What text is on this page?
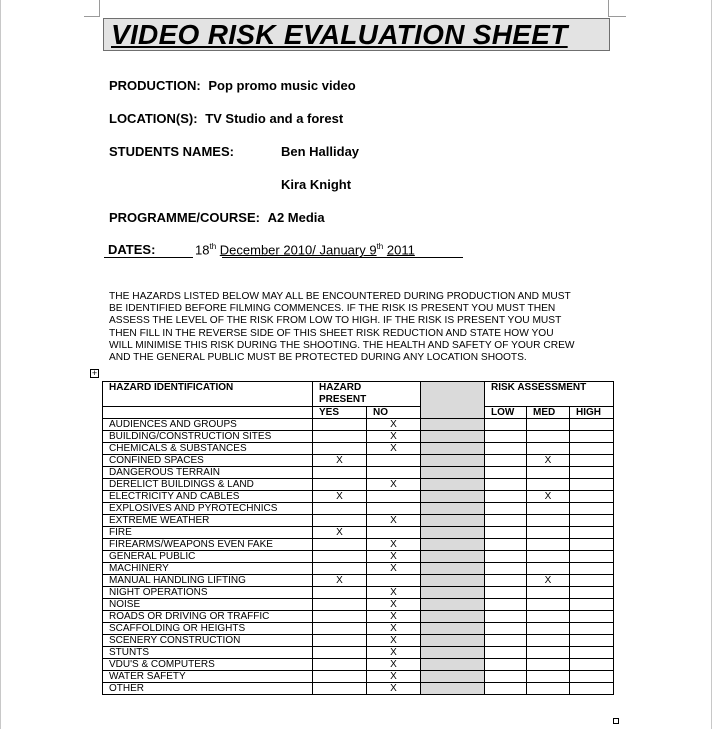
VIDEO RISK EVALUATION SHEET
PRODUCTION: Pop promo music video
LOCATION(S): TV Studio and a forest
STUDENTS NAMES:	Ben Halliday
Kira Knight
PROGRAMME/COURSE: A2 Media
DATES:	18th December 2010/ January 9th 2011
THE HAZARDS LISTED BELOW MAY ALL BE ENCOUNTERED DURING PRODUCTION AND MUST
BE IDENTIFIED BEFORE FILMING COMMENCES. IF THE RISK IS PRESENT YOU MUST THEN
ASSESS THE LEVEL OF THE RISK FROM LOW TO HIGH. IF THE RISK IS PRESENT YOU MUST
THEN FILL IN THE REVERSE SIDE OF THIS SHEET RISK REDUCTION AND STATE HOW YOU
WILL MINIMISE THIS RISK DURING THE SHOOTING. THE HEALTH AND SAFETY OF YOUR CREW
AND THE GENERAL PUBLIC MUST BE PROTECTED DURING ANY LOCATION SHOOTS.
+
HAZARD IDENTIFICATION	HAZARD
PRESENT			RISK ASSESSMENT		
	YES	NO		LOW	MED	HIGH
AUDIENCES AND GROUPS		X				
BUILDING/CONSTRUCTION SITES		X				
CHEMICALS & SUBSTANCES		X				
CONFINED SPACES	X				X	
DANGEROUS TERRAIN						
DERELICT BUILDINGS & LAND		X				
ELECTRICITY AND CABLES	X				X	
EXPLOSIVES AND PYROTECHNICS						
EXTREME WEATHER		X				
FIRE	X					
FIREARMS/WEAPONS EVEN FAKE		X				
GENERAL PUBLIC		X				
MACHINERY		X				
MANUAL HANDLING LIFTING	X				X	
NIGHT OPERATIONS		X				
NOISE		X				
ROADS OR DRIVING OR TRAFFIC		X				
SCAFFOLDING OR HEIGHTS		X				
SCENERY CONSTRUCTION		X				
STUNTS		X				
VDU'S & COMPUTERS		X				
WATER SAFETY		X				
OTHER		X				
